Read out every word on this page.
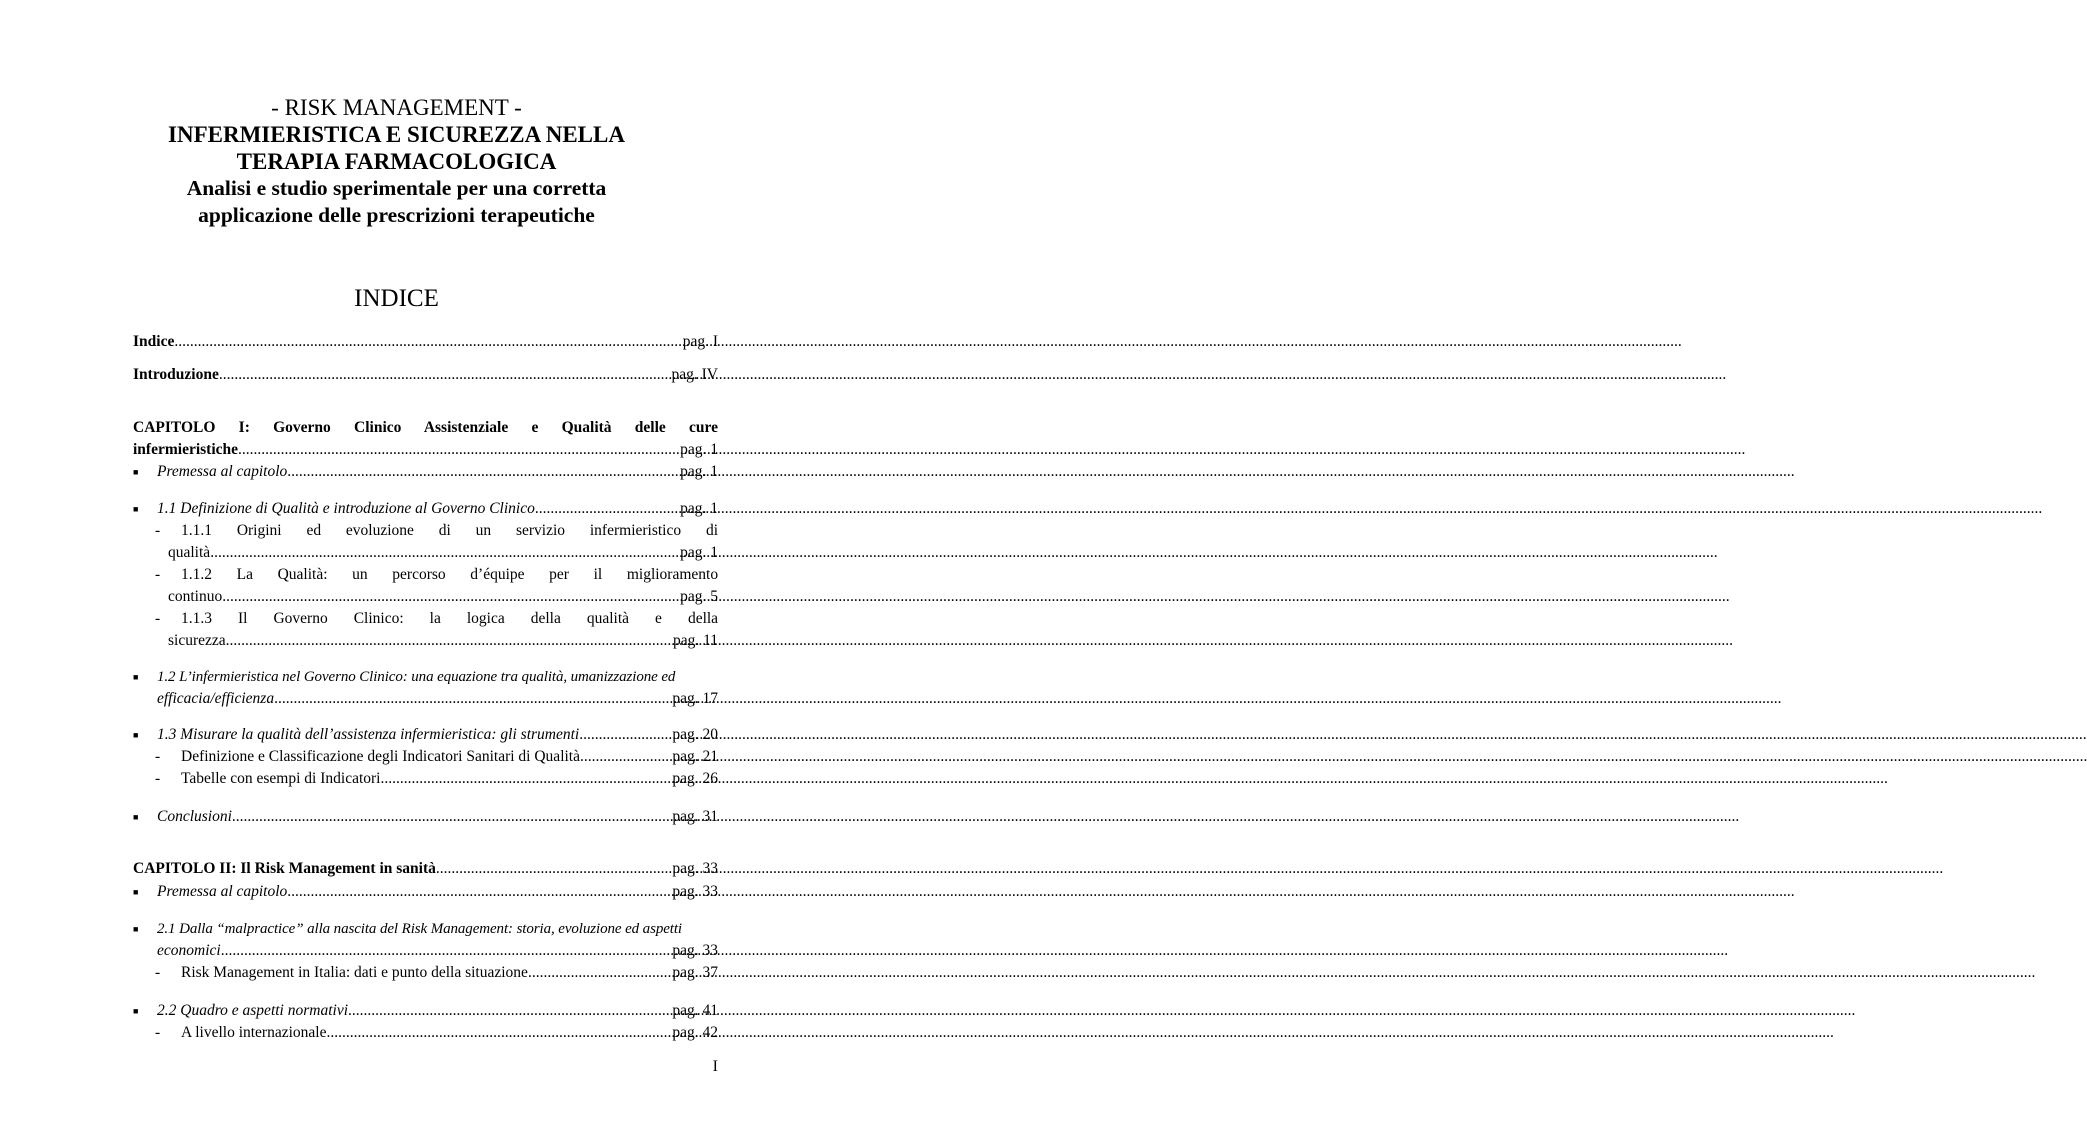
- RISK MANAGEMENT -
INFERMIERISTICA E SICUREZZA NELLA
TERAPIA FARMACOLOGICA
Analisi e studio sperimentale per una corretta
applicazione delle prescrizioni terapeutiche
INDICE
Indice .....	pag. I
Introduzione .....	pag. IV
CAPITOLO I: Governo Clinico Assistenziale e Qualità delle cure
infermieristiche .....	pag. 1
■ Premessa al capitolo .....	pag. 1
■ 1.1 Definizione di Qualità e introduzione al Governo Clinico .....	pag. 1
-	1.1.1 Origini ed evoluzione di un servizio infermieristico di
qualità .....	pag. 1
-	1.1.2 La Qualità: un percorso d’équipe per il miglioramento
continuo .....	pag. 5
-	1.1.3 Il Governo Clinico: la logica della qualità e della
sicurezza .....	pag. 11
■	1.2 L’infermieristica nel Governo Clinico: una equazione tra qualità, umanizzazione ed
efficacia/efficienza .....	pag. 17
■ 1.3 Misurare la qualità dell’assistenza infermieristica: gli strumenti .....	pag. 20
-	Definizione e Classificazione degli Indicatori Sanitari di Qualità .....	pag. 21
-	Tabelle con esempi di Indicatori .....	pag. 26
■ Conclusioni .....	pag. 31
CAPITOLO II: Il Risk Management in sanità .....	pag. 33
■ Premessa al capitolo .....	pag. 33
■	2.1 Dalla “malpractice” alla nascita del Risk Management: storia, evoluzione ed aspetti
economici .....	pag. 33
-	Risk Management in Italia: dati e punto della situazione .....	pag. 37
■ 2.2 Quadro e aspetti normativi .....	pag. 41
-	A livello internazionale .....	pag. 42
I
